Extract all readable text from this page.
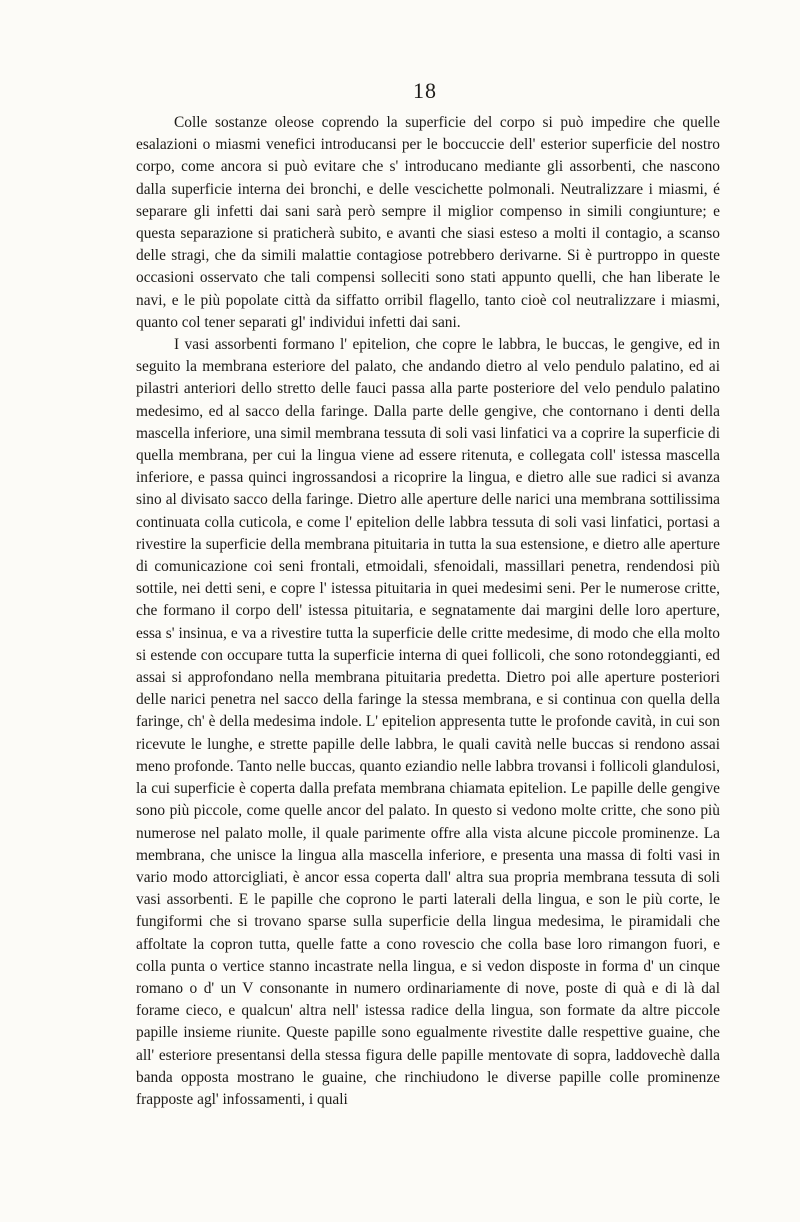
18

Colle sostanze oleose coprendo la superficie del corpo si può impedire che quelle esalazioni o miasmi venefici introducansi per le boccuccie dell' esterior superficie del nostro corpo, come ancora si può evitare che s' introducano mediante gli assorbenti, che nascono dalla superficie interna dei bronchi, e delle vescichette polmonali. Neutralizzare i miasmi, é separare gli infetti dai sani sarà però sempre il miglior compenso in simili congiunture; e questa separazione si praticherà subito, e avanti che siasi esteso a molti il contagio, a scanso delle stragi, che da simili malattie contagiose potrebbero derivarne. Si è purtroppo in queste occasioni osservato che tali compensi solleciti sono stati appunto quelli, che han liberate le navi, e le più popolate città da siffatto orribil flagello, tanto cioè col neutralizzare i miasmi, quanto col tener separati gl' individui infetti dai sani.

I vasi assorbenti formano l' epitelion, che copre le labbra, le buccas, le gengive, ed in seguito la membrana esteriore del palato, che andando dietro al velo pendulo palatino, ed ai pilastri anteriori dello stretto delle fauci passa alla parte posteriore del velo pendulo palatino medesimo, ed al sacco della faringe. Dalla parte delle gengive, che contornano i denti della mascella inferiore, una simil membrana tessuta di soli vasi linfatici va a coprire la superficie di quella membrana, per cui la lingua viene ad essere ritenuta, e collegata coll' istessa mascella inferiore, e passa quinci ingrossandosi a ricoprire la lingua, e dietro alle sue radici si avanza sino al divisato sacco della faringe. Dietro alle aperture delle narici una membrana sottilissima continuata colla cuticola, e come l' epitelion delle labbra tessuta di soli vasi linfatici, portasi a rivestire la superficie della membrana pituitaria in tutta la sua estensione, e dietro alle aperture di comunicazione coi seni frontali, etmoidali, sfenoidali, massillari penetra, rendendosi più sottile, nei detti seni, e copre l' istessa pituitaria in quei medesimi seni. Per le numerose critte, che formano il corpo dell' istessa pituitaria, e segnatamente dai margini delle loro aperture, essa s' insinua, e va a rivestire tutta la superficie delle critte medesime, di modo che ella molto si estende con occupare tutta la superficie interna di quei follicoli, che sono rotondeggianti, ed assai si approfondano nella membrana pituitaria predetta. Dietro poi alle aperture posteriori delle narici penetra nel sacco della faringe la stessa membrana, e si continua con quella della faringe, ch' è della medesima indole. L' epitelion appresenta tutte le profonde cavità, in cui son ricevute le lunghe, e strette papille delle labbra, le quali cavità nelle buccas si rendono assai meno profonde. Tanto nelle buccas, quanto eziandio nelle labbra trovansi i follicoli glandulosi, la cui superficie è coperta dalla prefata membrana chiamata epitelion. Le papille delle gengive sono più piccole, come quelle ancor del palato. In questo si vedono molte critte, che sono più numerose nel palato molle, il quale parimente offre alla vista alcune piccole prominenze. La membrana, che unisce la lingua alla mascella inferiore, e presenta una massa di folti vasi in vario modo attorcigliati, è ancor essa coperta dall' altra sua propria membrana tessuta di soli vasi assorbenti. E le papille che coprono le parti laterali della lingua, e son le più corte, le fungiformi che si trovano sparse sulla superficie della lingua medesima, le piramidali che affoltate la copron tutta, quelle fatte a cono rovescio che colla base loro rimangon fuori, e colla punta o vertice stanno incastrate nella lingua, e si vedon disposte in forma d' un cinque romano o d' un V consonante in numero ordinariamente di nove, poste di quà e di là dal forame cieco, e qualcun' altra nell' istessa radice della lingua, son formate da altre piccole papille insieme riunite. Queste papille sono egualmente rivestite dalle respettive guaine, che all' esteriore presentansi della stessa figura delle papille mentovate di sopra, laddovechè dalla banda opposta mostrano le guaine, che rinchiudono le diverse papille colle prominenze frapposte agl' infossamenti, i quali
